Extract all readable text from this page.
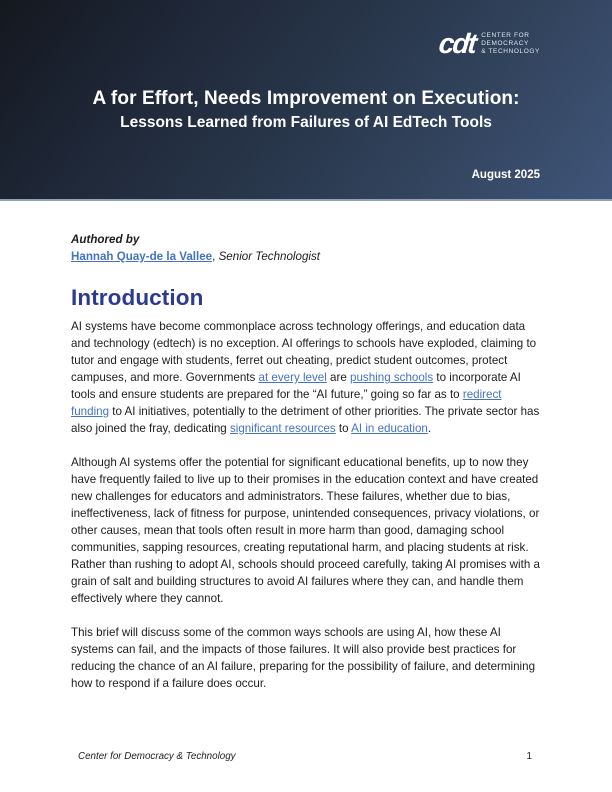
cdt CENTER FOR
DEMOCRACY
& TECHNOLOGY
A for Effort, Needs Improvement on Execution:
Lessons Learned from Failures of AI EdTech Tools
August 2025

Authored by

Hannah Quay-de la Vallee, Senior Technologist

Introduction

AI systems have become commonplace across technology offerings, and education data and technology (edtech) is no exception. AI offerings to schools have exploded, claiming to tutor and engage with students, ferret out cheating, predict student outcomes, protect campuses, and more. Governments at every level are pushing schools to incorporate AI tools and ensure students are prepared for the “AI future,” going so far as to redirect funding to AI initiatives, potentially to the detriment of other priorities. The private sector has also joined the fray, dedicating significant resources to AI in education.

Although AI systems offer the potential for significant educational benefits, up to now they have frequently failed to live up to their promises in the education context and have created new challenges for educators and administrators. These failures, whether due to bias, ineffectiveness, lack of fitness for purpose, unintended consequences, privacy violations, or other causes, mean that tools often result in more harm than good, damaging school communities, sapping resources, creating reputational harm, and placing students at risk. Rather than rushing to adopt AI, schools should proceed carefully, taking AI promises with a grain of salt and building structures to avoid AI failures where they can, and handle them effectively where they cannot.

This brief will discuss some of the common ways schools are using AI, how these AI systems can fail, and the impacts of those failures. It will also provide best practices for reducing the chance of an AI failure, preparing for the possibility of failure, and determining how to respond if a failure does occur.

Center for Democracy & Technology	1
